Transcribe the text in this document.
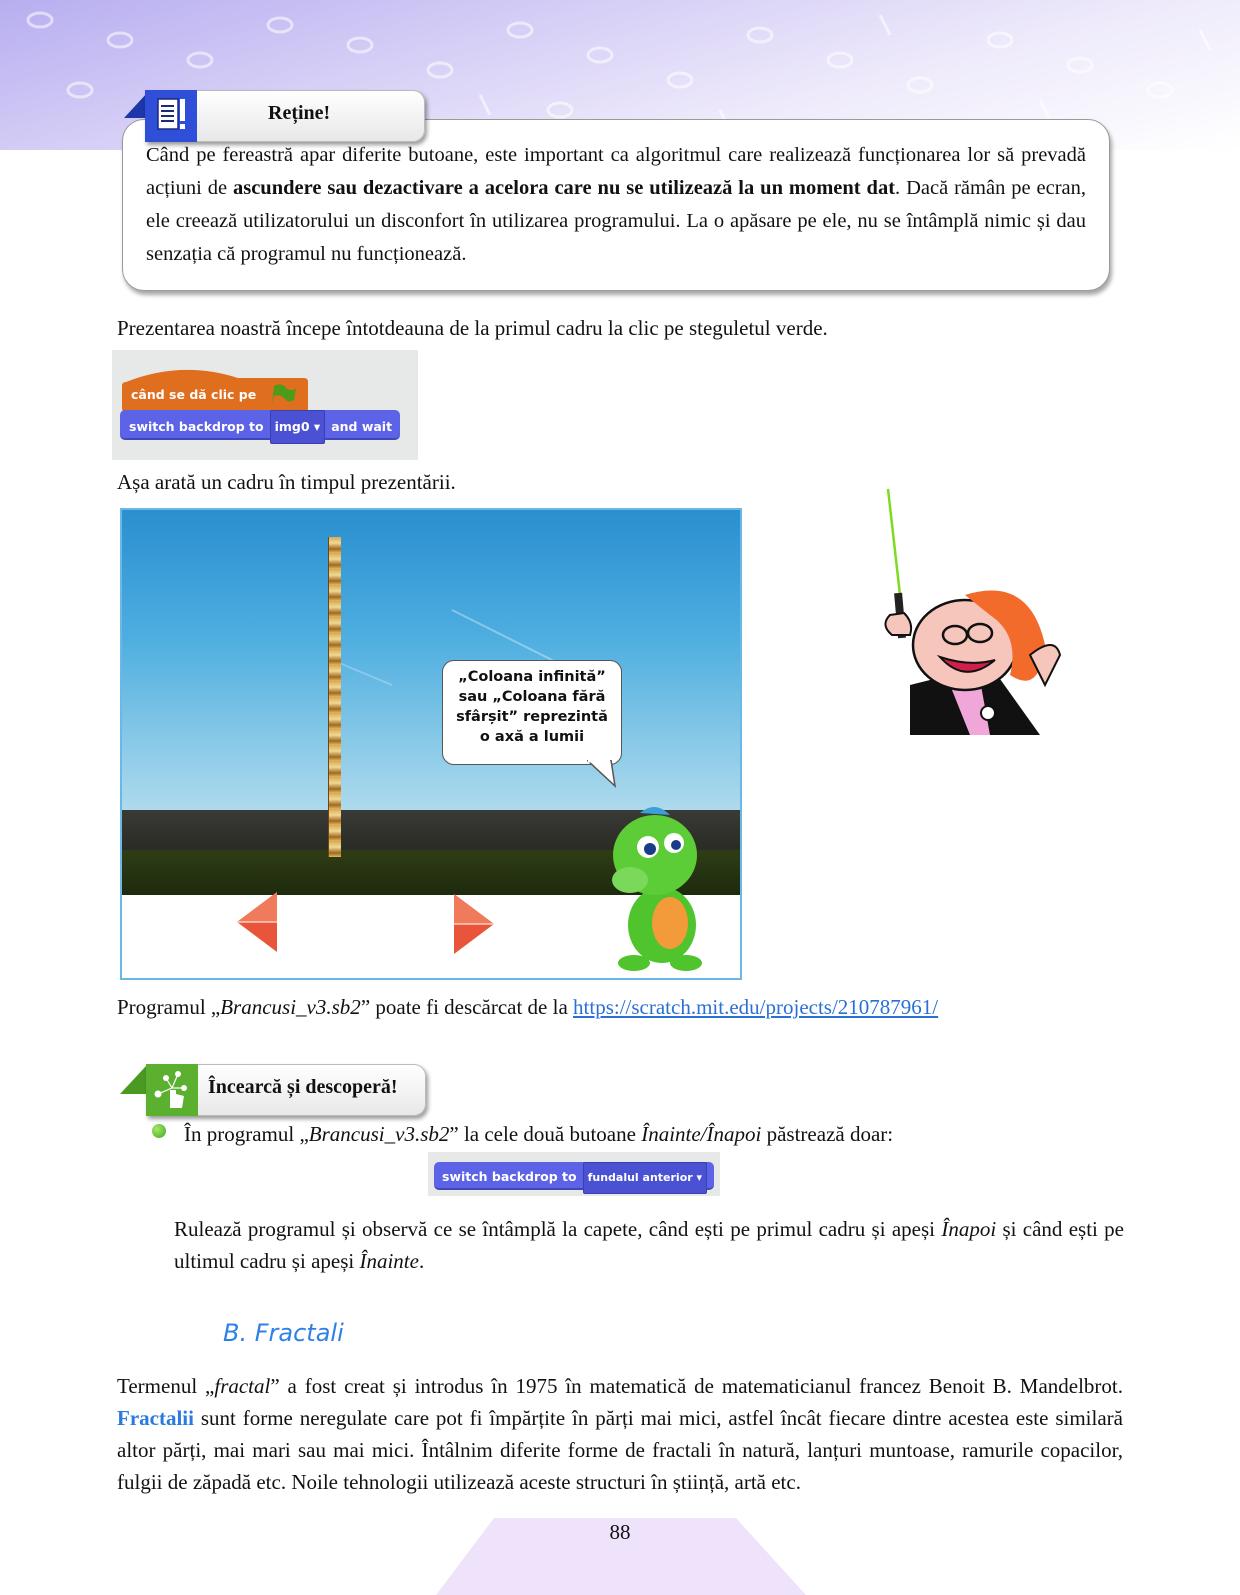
Reține!
Când pe fereastră apar diferite butoane, este important ca algoritmul care realizează funcționarea lor să prevadă acțiuni de ascundere sau dezactivare a acelora care nu se utilizează la un moment dat. Dacă rămân pe ecran, ele creează utilizatorului un disconfort în utilizarea programului. La o apăsare pe ele, nu se întâmplă nimic și dau senzația că programul nu funcționează.
Prezentarea noastră începe întotdeauna de la primul cadru la clic pe steguletul verde.
când se dă clic pe
switch backdrop to img0 ▾ and wait
Așa arată un cadru în timpul prezentării.
„Coloana infinită”
sau „Coloana fără
sfârșit” reprezintă
o axă a lumii
Programul „Brancusi_v3.sb2” poate fi descărcat de la https://scratch.mit.edu/projects/210787961/
Încearcă și descoperă!
În programul „Brancusi_v3.sb2” la cele două butoane Înainte/Înapoi păstrează doar:
switch backdrop to fundalul anterior ▾
Rulează programul și observă ce se întâmplă la capete, când ești pe primul cadru și apeși Înapoi și când ești pe ultimul cadru și apeși Înainte.
B. Fractali
Termenul „fractal” a fost creat și introdus în 1975 în matematică de matematicianul francez Benoit B. Mandelbrot. Fractalii sunt forme neregulate care pot fi împărțite în părți mai mici, astfel încât fiecare dintre acestea este similară altor părți, mai mari sau mai mici. Întâlnim diferite forme de fractali în natură, lanțuri muntoase, ramurile copacilor, fulgii de zăpadă etc. Noile tehnologii utilizează aceste structuri în știință, artă etc.
88
